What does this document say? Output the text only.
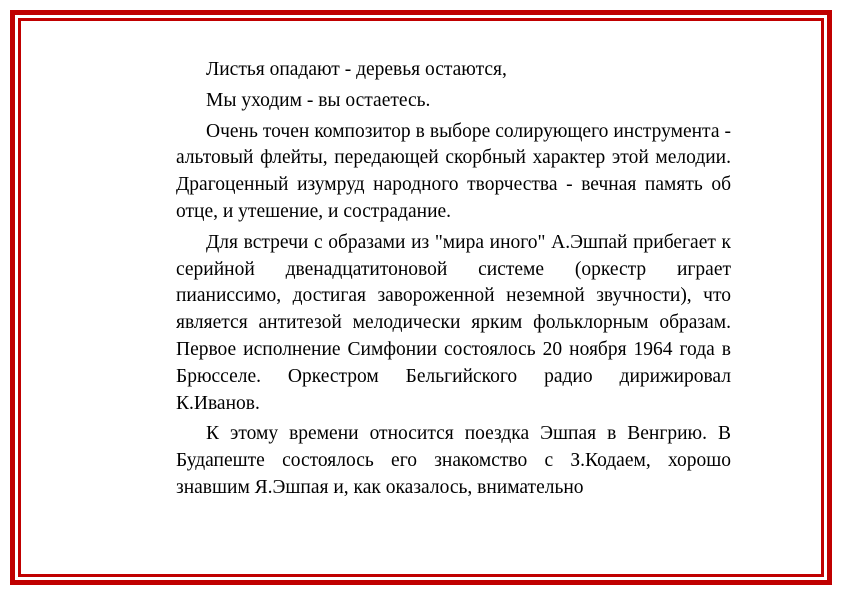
Листья опадают - деревья остаются,

Мы уходим - вы остаетесь.

Очень точен композитор в выборе солирующего инструмента - альтовый флейты, передающей скорбный характер этой мелодии. Драгоценный изумруд народного творчества - вечная память об отце, и утешение, и сострадание.

Для встречи с образами из "мира иного" А.Эшпай прибегает к серийной двенадцатитоновой системе (оркестр играет пианиссимо, достигая завороженной неземной звучности), что является антитезой мелодически ярким фольклорным образам. Первое исполнение Симфонии состоялось 20 ноября 1964 года в Брюсселе. Оркестром Бельгийского радио дирижировал К.Иванов.

К этому времени относится поездка Эшпая в Венгрию. В Будапеште состоялось его знакомство с З.Кодаем, хорошо знавшим Я.Эшпая и, как оказалось, внимательно
